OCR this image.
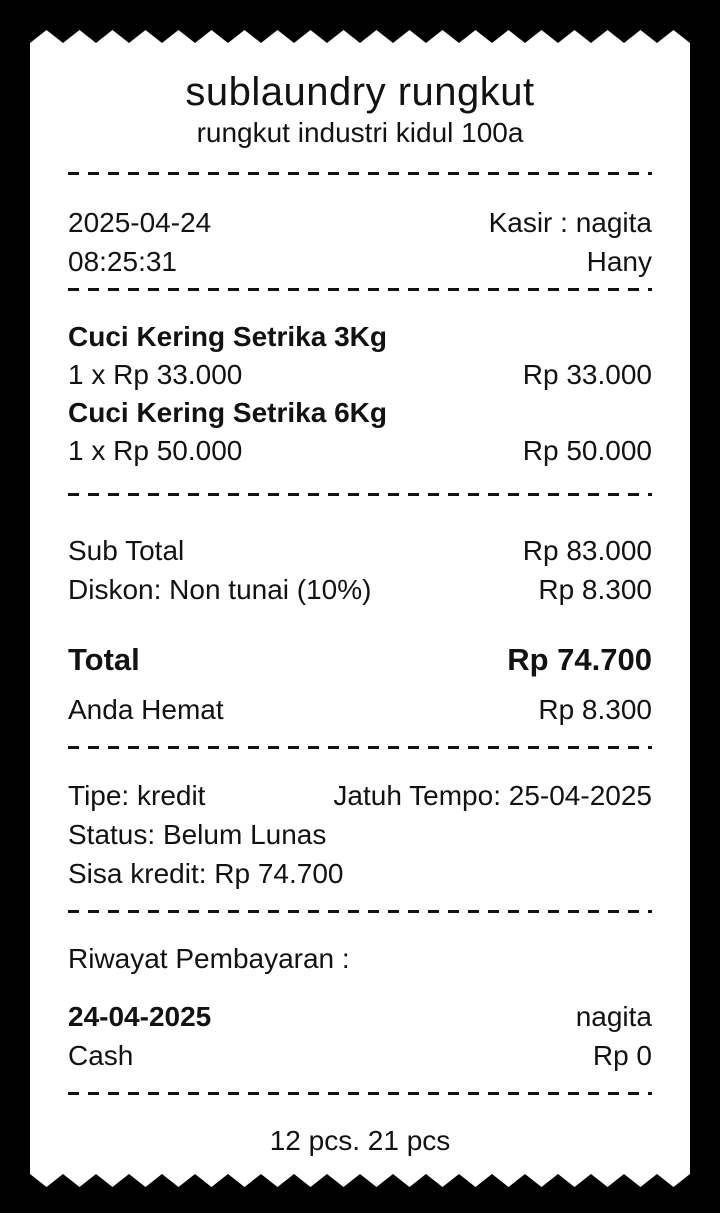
sublaundry rungkut
rungkut industri kidul 100a
2025-04-24	Kasir : nagita
08:25:31	Hany
Cuci Kering Setrika 3Kg
1 x Rp 33.000	Rp 33.000
Cuci Kering Setrika 6Kg
1 x Rp 50.000	Rp 50.000
Sub Total	Rp 83.000
Diskon: Non tunai (10%)	Rp 8.300
Total	Rp 74.700
Anda Hemat	Rp 8.300
Tipe: kredit	Jatuh Tempo: 25-04-2025
Status: Belum Lunas
Sisa kredit: Rp 74.700
Riwayat Pembayaran :
24-04-2025	nagita
Cash	Rp 0
12 pcs. 21 pcs
